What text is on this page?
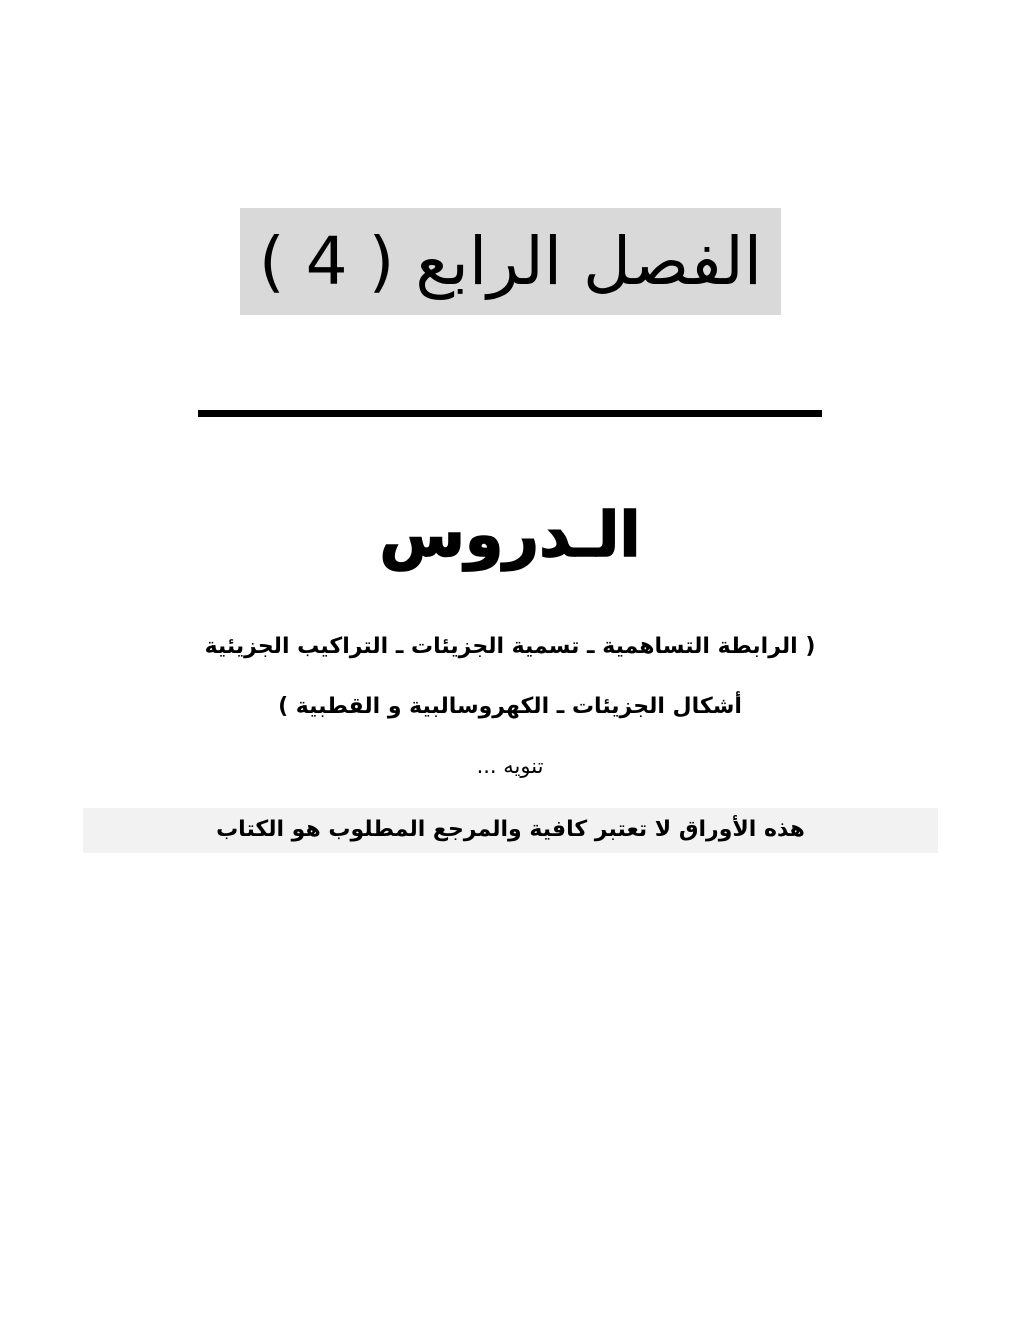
الفصل الرابع ( 4 )
الـدروس
( الرابطة التساهمية ـ تسمية الجزيئات ـ التراكيب الجزيئية
أشكال الجزيئات ـ الكهروسالبية و القطبية )
تنويه ...
هذه الأوراق لا تعتبر كافية والمرجع المطلوب هو الكتاب
